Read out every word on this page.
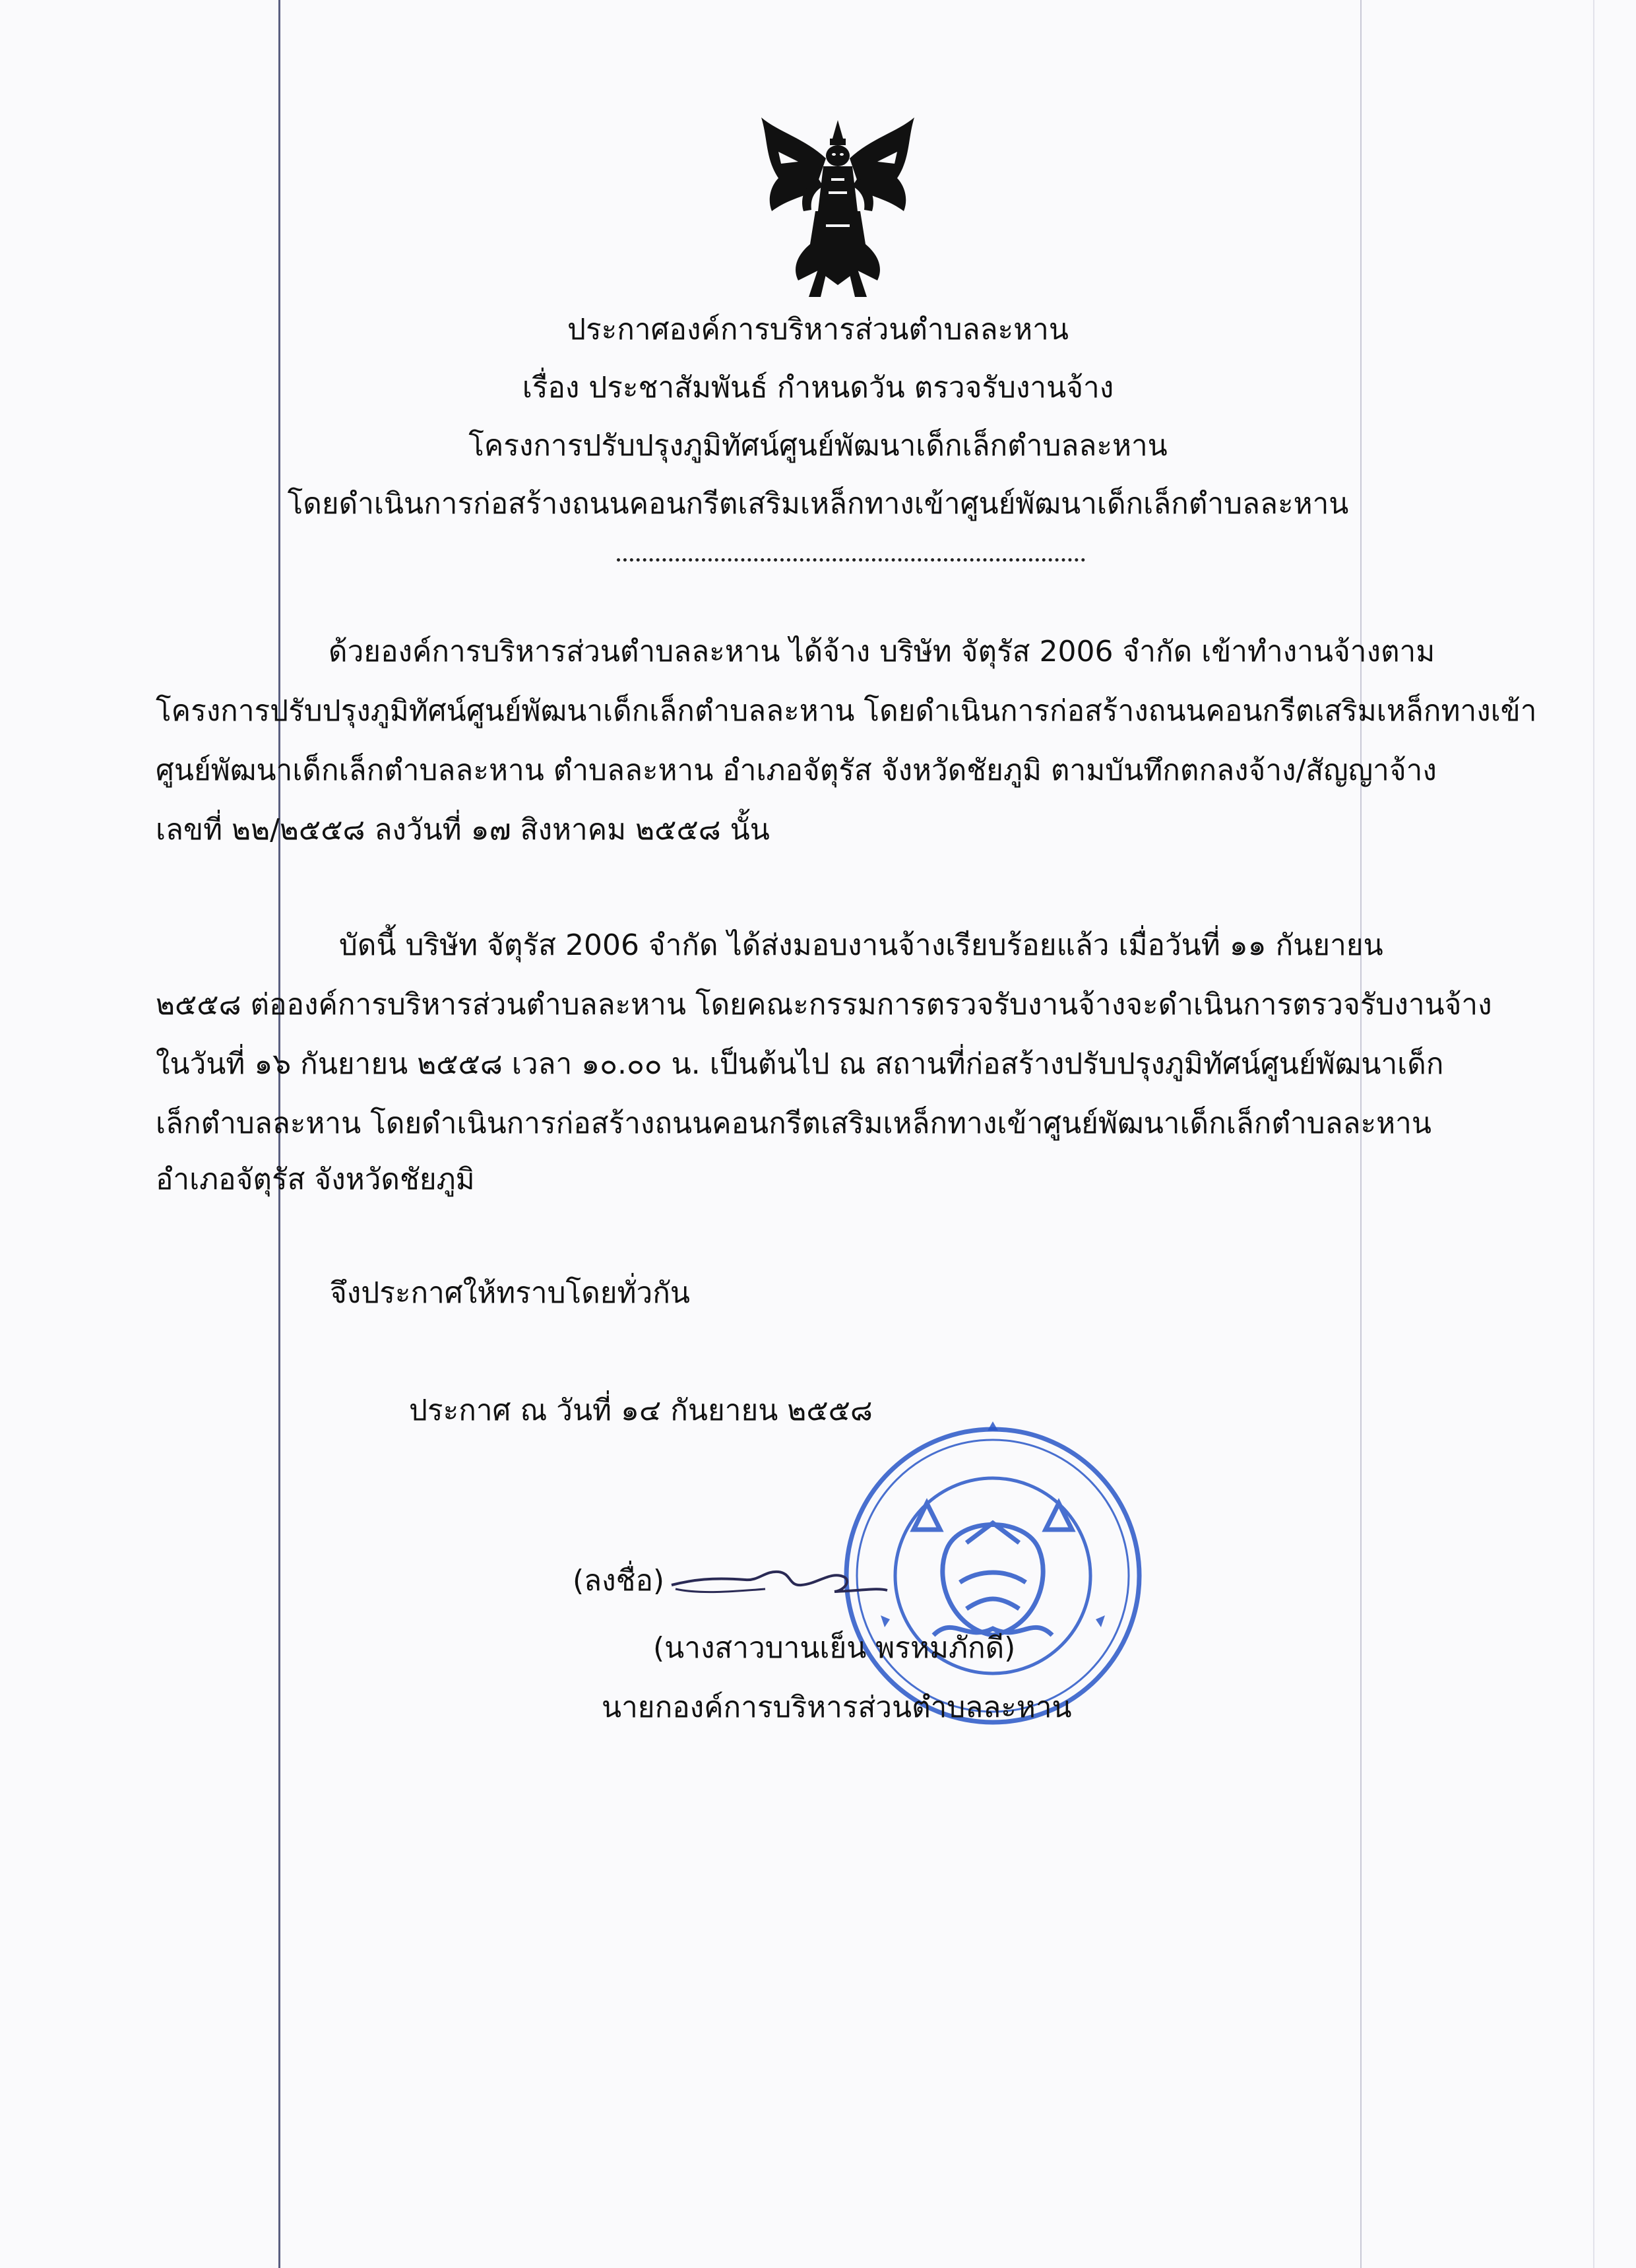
ประกาศองค์การบริหารส่วนตำบลละหาน
เรื่อง ประชาสัมพันธ์ กำหนดวัน ตรวจรับงานจ้าง
โครงการปรับปรุงภูมิทัศน์ศูนย์พัฒนาเด็กเล็กตำบลละหาน
โดยดำเนินการก่อสร้างถนนคอนกรีตเสริมเหล็กทางเข้าศูนย์พัฒนาเด็กเล็กตำบลละหาน
ด้วยองค์การบริหารส่วนตำบลละหาน ได้จ้าง บริษัท จัตุรัส 2006 จำกัด เข้าทำงานจ้างตาม
โครงการปรับปรุงภูมิทัศน์ศูนย์พัฒนาเด็กเล็กตำบลละหาน โดยดำเนินการก่อสร้างถนนคอนกรีตเสริมเหล็กทางเข้า
ศูนย์พัฒนาเด็กเล็กตำบลละหาน ตำบลละหาน อำเภอจัตุรัส จังหวัดชัยภูมิ ตามบันทึกตกลงจ้าง/สัญญาจ้าง
เลขที่ ๒๒/๒๕๕๘ ลงวันที่ ๑๗ สิงหาคม ๒๕๕๘ นั้น
บัดนี้ บริษัท จัตุรัส 2006 จำกัด ได้ส่งมอบงานจ้างเรียบร้อยแล้ว เมื่อวันที่ ๑๑ กันยายน
๒๕๕๘ ต่อองค์การบริหารส่วนตำบลละหาน โดยคณะกรรมการตรวจรับงานจ้างจะดำเนินการตรวจรับงานจ้าง
ในวันที่ ๑๖ กันยายน ๒๕๕๘ เวลา ๑๐.๐๐ น. เป็นต้นไป ณ สถานที่ก่อสร้างปรับปรุงภูมิทัศน์ศูนย์พัฒนาเด็ก
เล็กตำบลละหาน โดยดำเนินการก่อสร้างถนนคอนกรีตเสริมเหล็กทางเข้าศูนย์พัฒนาเด็กเล็กตำบลละหาน
อำเภอจัตุรัส จังหวัดชัยภูมิ
จึงประกาศให้ทราบโดยทั่วกัน
ประกาศ ณ วันที่ ๑๔ กันยายน ๒๕๕๘
(ลงชื่อ)
(นางสาวบานเย็น พรหมภักดี)
นายกองค์การบริหารส่วนตำบลละหาน
